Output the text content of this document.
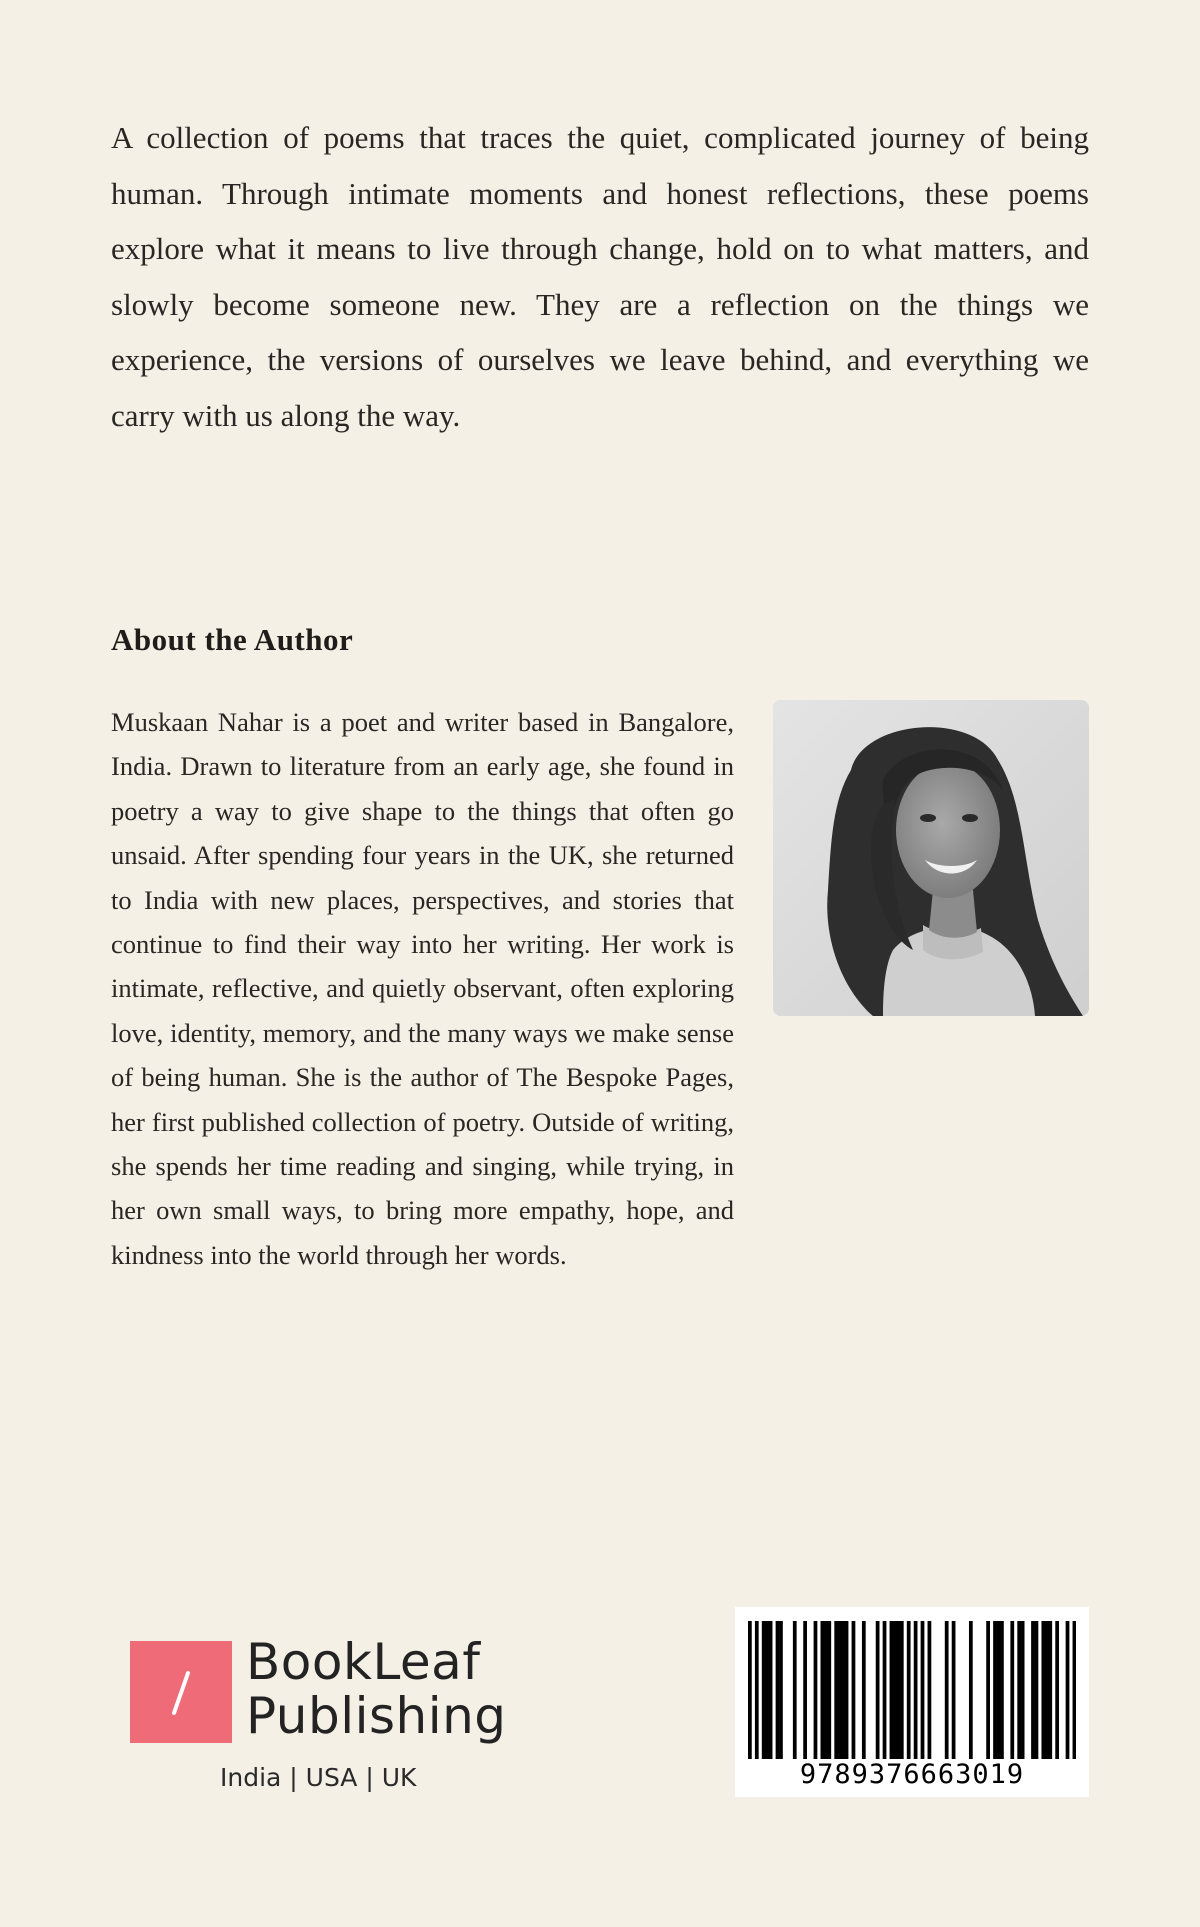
A collection of poems that traces the quiet, complicated journey of being human. Through intimate moments and honest reflections, these poems explore what it means to live through change, hold on to what matters, and slowly become someone new. They are a reflection on the things we experience, the versions of ourselves we leave behind, and everything we carry with us along the way.

About the Author

Muskaan Nahar is a poet and writer based in Bangalore, India. Drawn to literature from an early age, she found in poetry a way to give shape to the things that often go unsaid. After spending four years in the UK, she returned to India with new places, perspectives, and stories that continue to find their way into her writing. Her work is intimate, reflective, and quietly observant, often exploring love, identity, memory, and the many ways we make sense of being human. She is the author of The Bespoke Pages, her first published collection of poetry. Outside of writing, she spends her time reading and singing, while trying, in her own small ways, to bring more empathy, hope, and kindness into the world through her words.

BookLeaf
Publishing
India | USA | UK	9789376663019
